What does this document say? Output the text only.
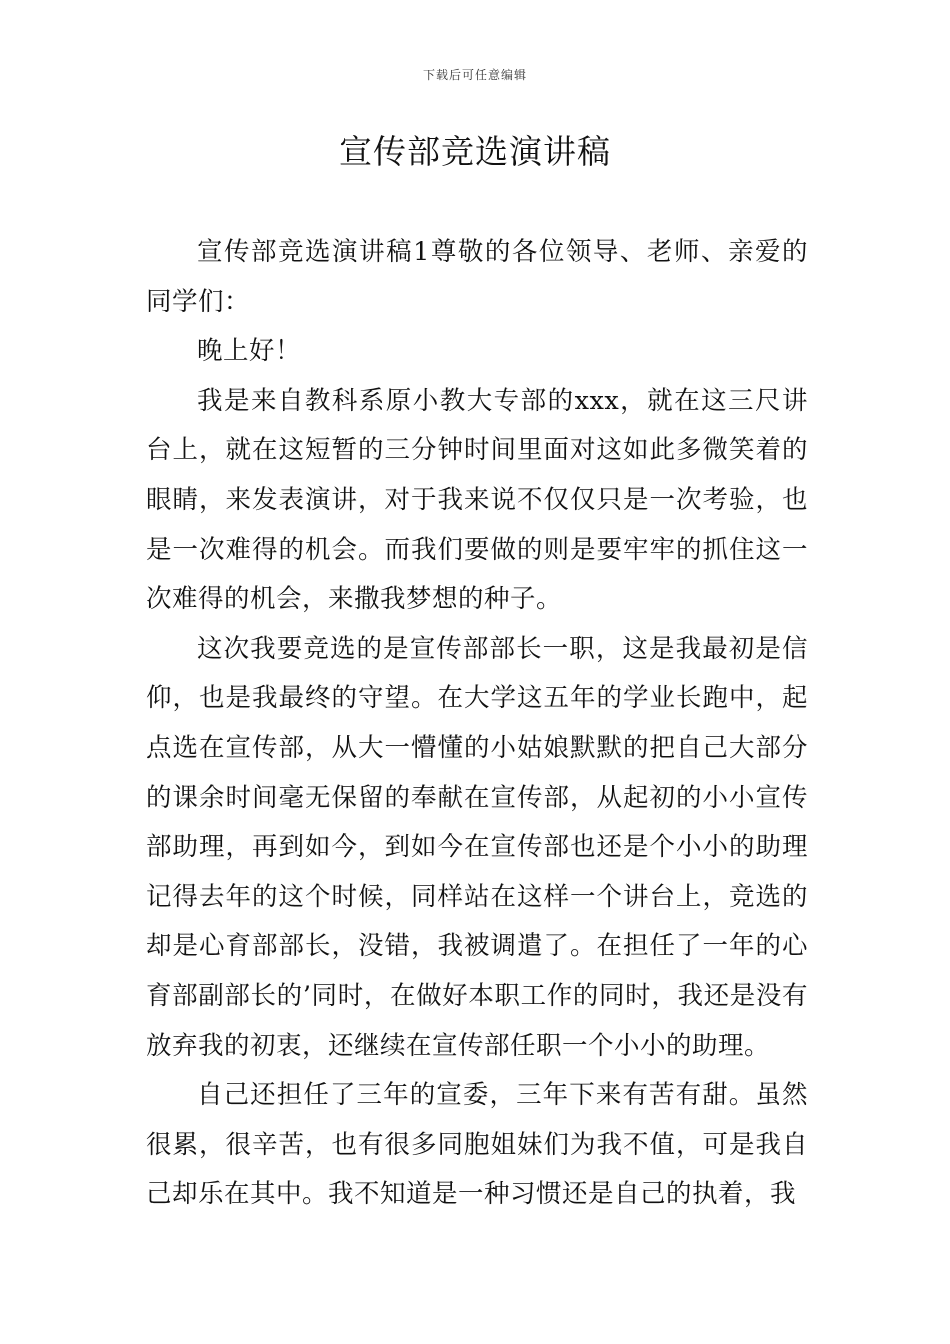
下载后可任意编辑
宣传部竞选演讲稿

宣传部竞选演讲稿1尊敬的各位领导、老师、亲爱的同学们：

晚上好！

我是来自教科系原小教大专部的xxx，就在这三尺讲台上，就在这短暂的三分钟时间里面对这如此多微笑着的眼睛，来发表演讲，对于我来说不仅仅只是一次考验，也是一次难得的机会。而我们要做的则是要牢牢的抓住这一次难得的机会，来撒我梦想的种子。

这次我要竞选的是宣传部部长一职，这是我最初是信仰，也是我最终的守望。在大学这五年的学业长跑中，起点选在宣传部，从大一懵懂的小姑娘默默的把自己大部分的课余时间毫无保留的奉献在宣传部，从起初的小小宣传部助理，再到如今，到如今在宣传部也还是个小小的助理记得去年的这个时候，同样站在这样一个讲台上，竞选的却是心育部部长，没错，我被调遣了。在担任了一年的心育部副部长的’同时，在做好本职工作的同时，我还是没有放弃我的初衷，还继续在宣传部任职一个小小的助理。

自己还担任了三年的宣委，三年下来有苦有甜。虽然很累，很辛苦，也有很多同胞姐妹们为我不值，可是我自己却乐在其中。我不知道是一种习惯还是自己的执着，我
